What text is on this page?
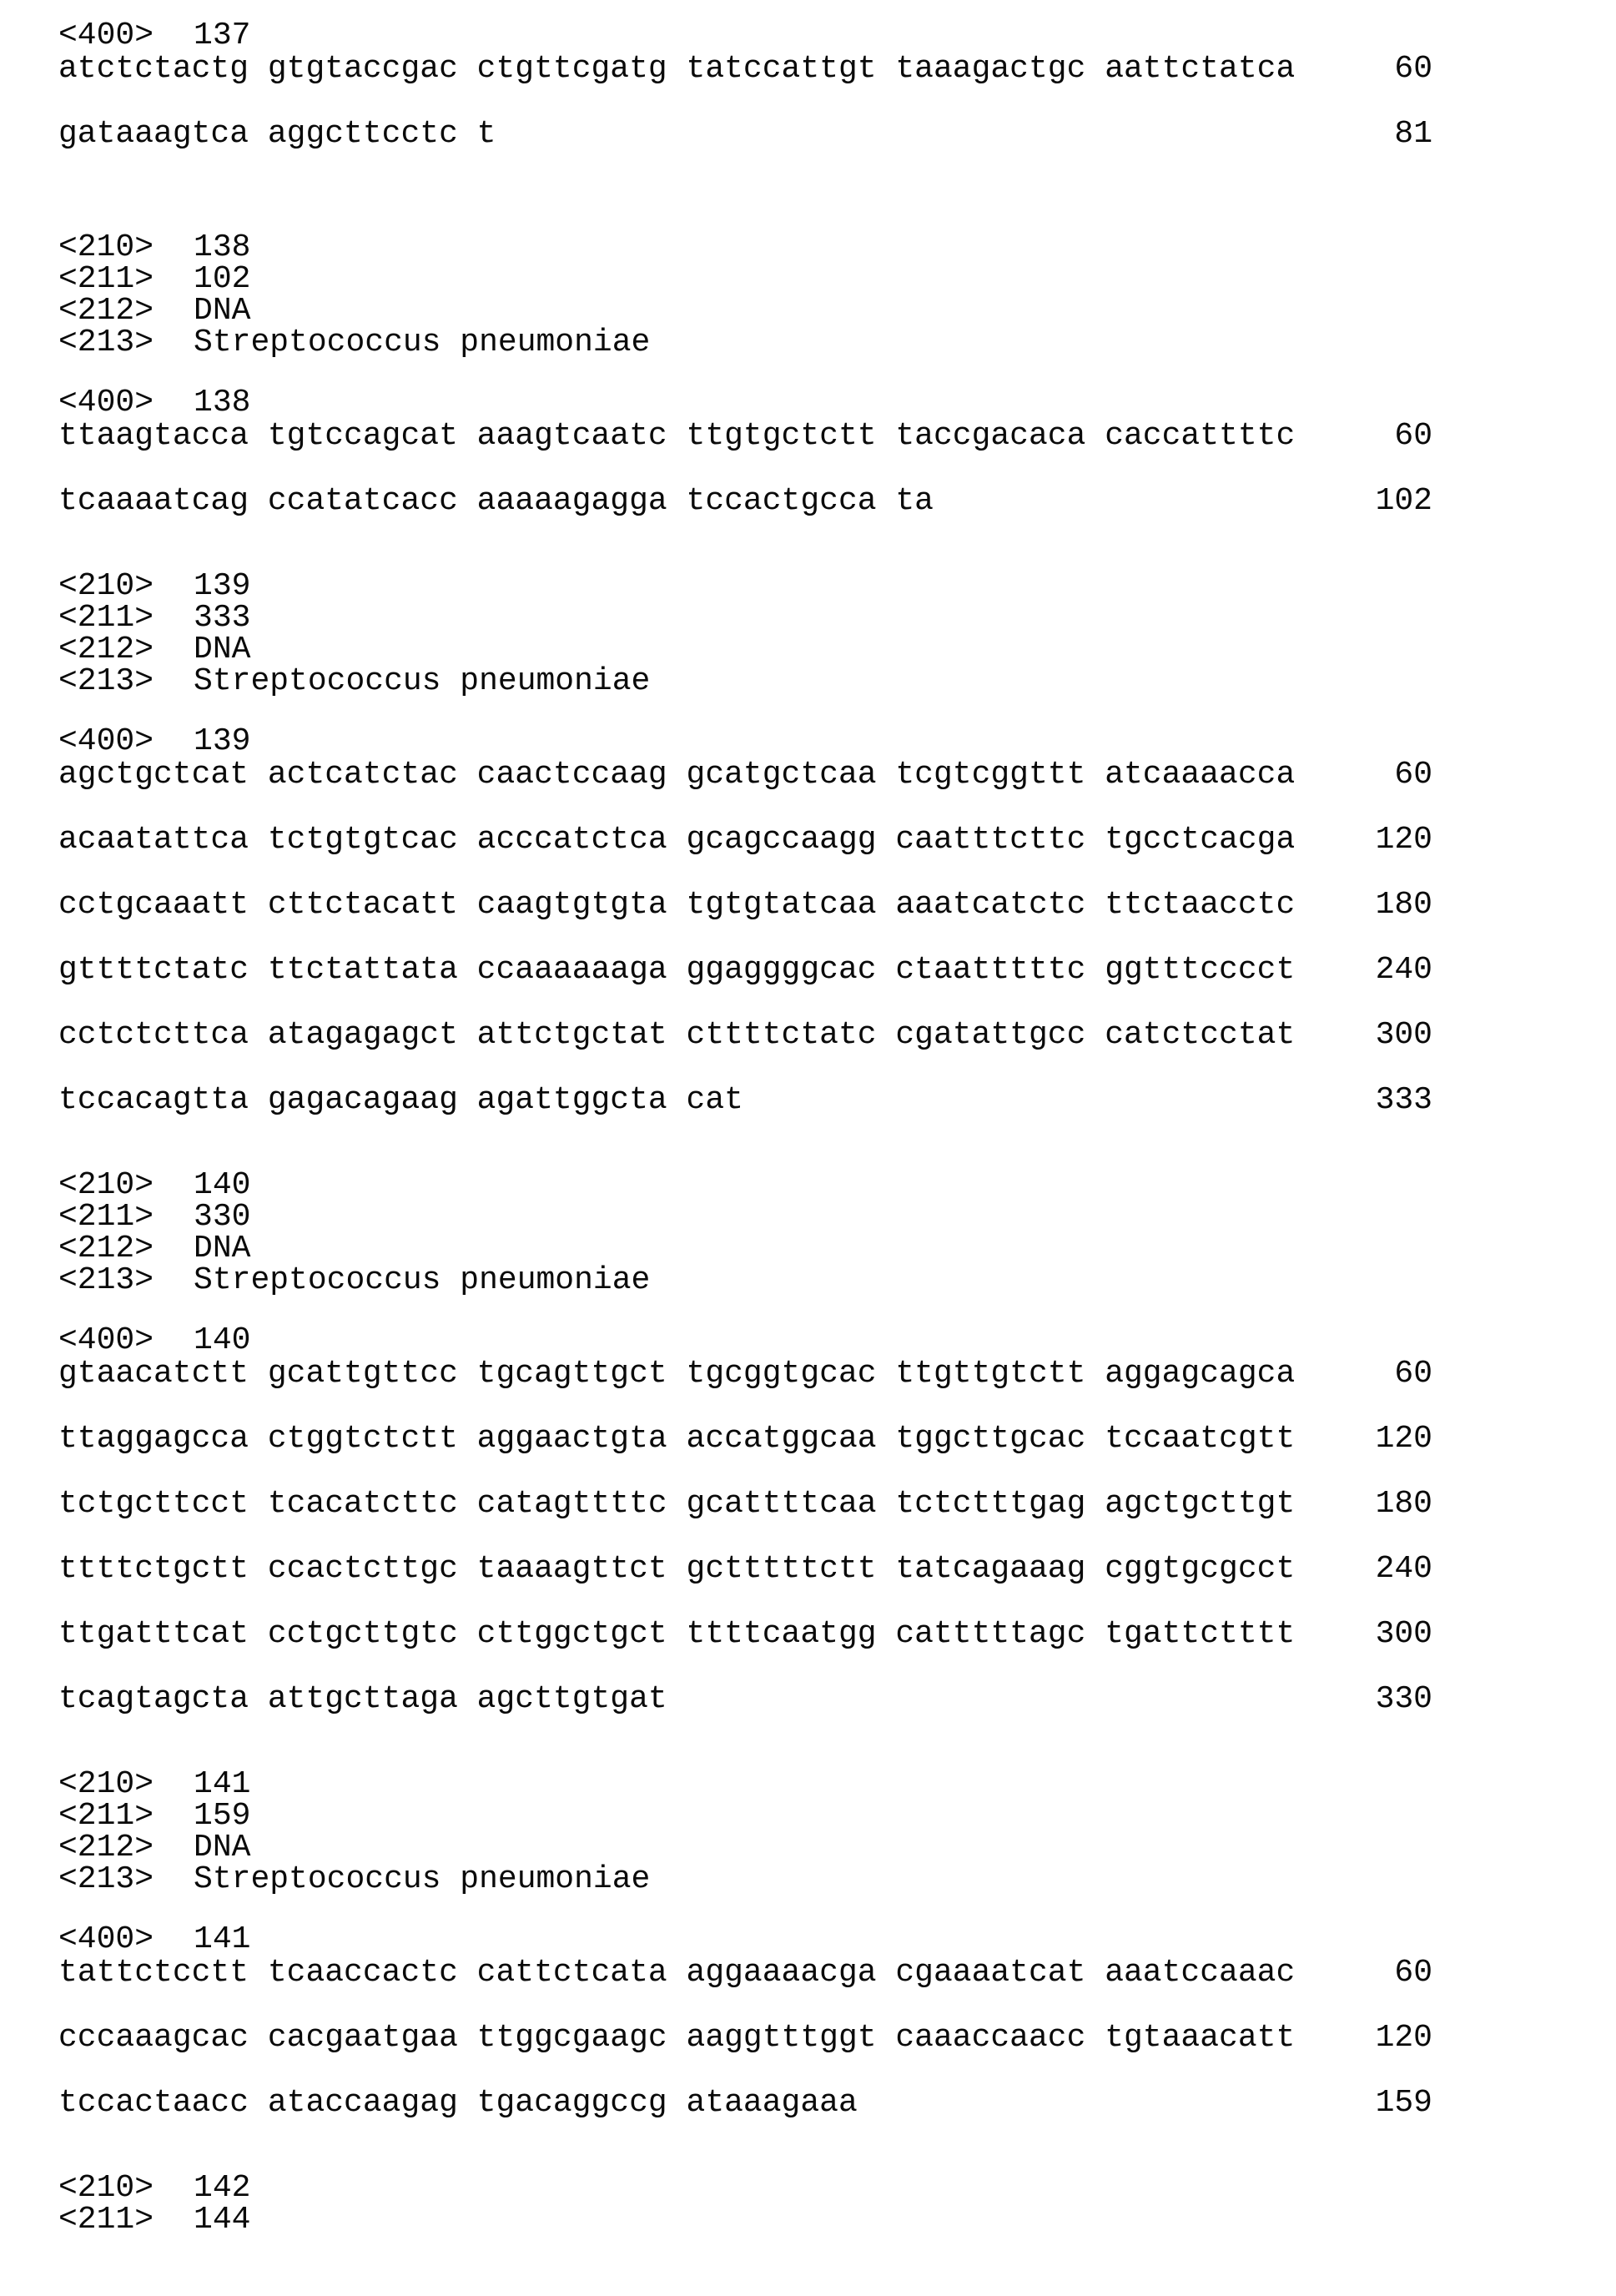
<400> 137
atctctactg gtgtaccgac ctgttcgatg tatccattgt taaagactgc aattctatca	60
gataaagtca aggcttcctc t	81
<210> 138
<211> 102
<212> DNA
<213> Streptococcus pneumoniae
<400> 138
ttaagtacca tgtccagcat aaagtcaatc ttgtgctctt taccgacaca caccattttc	60
tcaaaatcag ccatatcacc aaaaagagga tccactgcca ta	102
<210> 139
<211> 333
<212> DNA
<213> Streptococcus pneumoniae
<400> 139
agctgctcat actcatctac caactccaag gcatgctcaa tcgtcggttt atcaaaacca	60
acaatattca tctgtgtcac acccatctca gcagccaagg caatttcttc tgcctcacga	120
cctgcaaatt cttctacatt caagtgtgta tgtgtatcaa aaatcatctc ttctaacctc	180
gttttctatc ttctattata ccaaaaaaga ggaggggcac ctaatttttc ggtttcccct	240
cctctcttca atagagagct attctgctat cttttctatc cgatattgcc catctcctat	300
tccacagtta gagacagaag agattggcta cat	333
<210> 140
<211> 330
<212> DNA
<213> Streptococcus pneumoniae
<400> 140
gtaacatctt gcattgttcc tgcagttgct tgcggtgcac ttgttgtctt aggagcagca	60
ttaggagcca ctggtctctt aggaactgta accatggcaa tggcttgcac tccaatcgtt	120
tctgcttcct tcacatcttc catagttttc gcattttcaa tctctttgag agctgcttgt	180
ttttctgctt ccactcttgc taaaagttct gctttttctt tatcagaaag cggtgcgcct	240
ttgatttcat cctgcttgtc cttggctgct ttttcaatgg catttttagc tgattctttt	300
tcagtagcta attgcttaga agcttgtgat	330
<210> 141
<211> 159
<212> DNA
<213> Streptococcus pneumoniae
<400> 141
tattctcctt tcaaccactc cattctcata aggaaaacga cgaaaatcat aaatccaaac	60
cccaaagcac cacgaatgaa ttggcgaagc aaggtttggt caaaccaacc tgtaaacatt	120
tccactaacc ataccaagag tgacaggccg ataaagaaa	159
<210> 142
<211> 144
